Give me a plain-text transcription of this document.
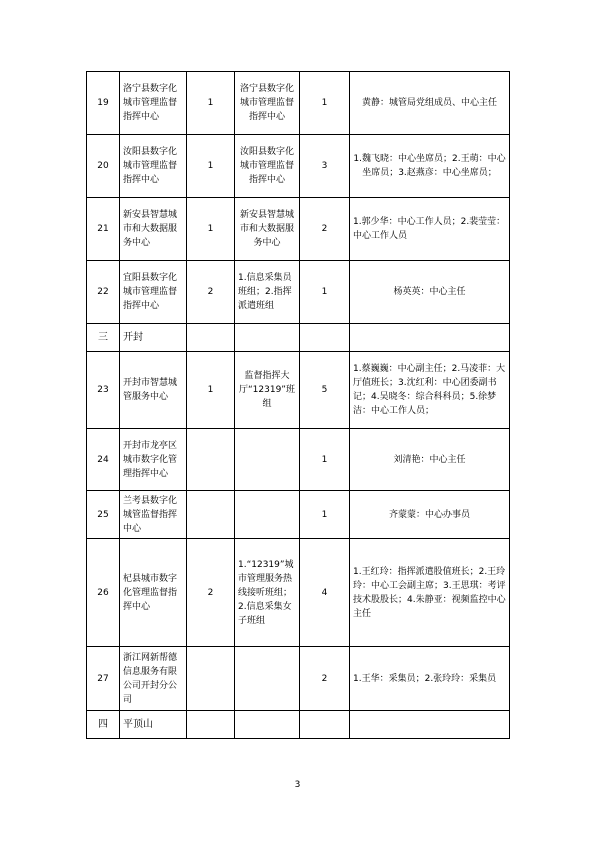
19	洛宁县数字化城市管理监督指挥中心	1	洛宁县数字化城市管理监督指挥中心	1	黄静：城管局党组成员、中心主任
20	汝阳县数字化城市管理监督指挥中心	1	汝阳县数字化城市管理监督指挥中心	3	1.魏飞晓：中心坐席员；2.王萌：中心坐席员；3.赵燕彦：中心坐席员；
21	新安县智慧城市和大数据服务中心	1	新安县智慧城市和大数据服务中心	2	1.郭少华：中心工作人员；2.裴莹莹：中心工作人员
22	宜阳县数字化城市管理监督指挥中心	2	1.信息采集员班组；2.指挥派遣班组	1	杨英英：中心主任
三	开封				
23	开封市智慧城管服务中心	1	监督指挥大厅“12319”班组	5	1.蔡巍巍：中心副主任；2.马凌菲：大厅值班长；3.沈红利：中心团委副书记；4.吴晓冬：综合科科员；5.徐梦洁：中心工作人员；
24	开封市龙亭区城市数字化管理指挥中心			1	刘清艳：中心主任
25	兰考县数字化城管监督指挥中心			1	齐蒙蒙：中心办事员
26	杞县城市数字化管理监督指挥中心	2	1.“12319”城市管理服务热线接听班组；2.信息采集女子班组	4	1.王红玲：指挥派遣股值班长；2.王玲玲：中心工会副主席；3.王思琪：考评技术股股长；4.朱静亚：视频监控中心主任
27	浙江网新帮德信息服务有限公司开封分公司			2	1.王华：采集员；2.张玲玲：采集员
四	平顶山				
3
